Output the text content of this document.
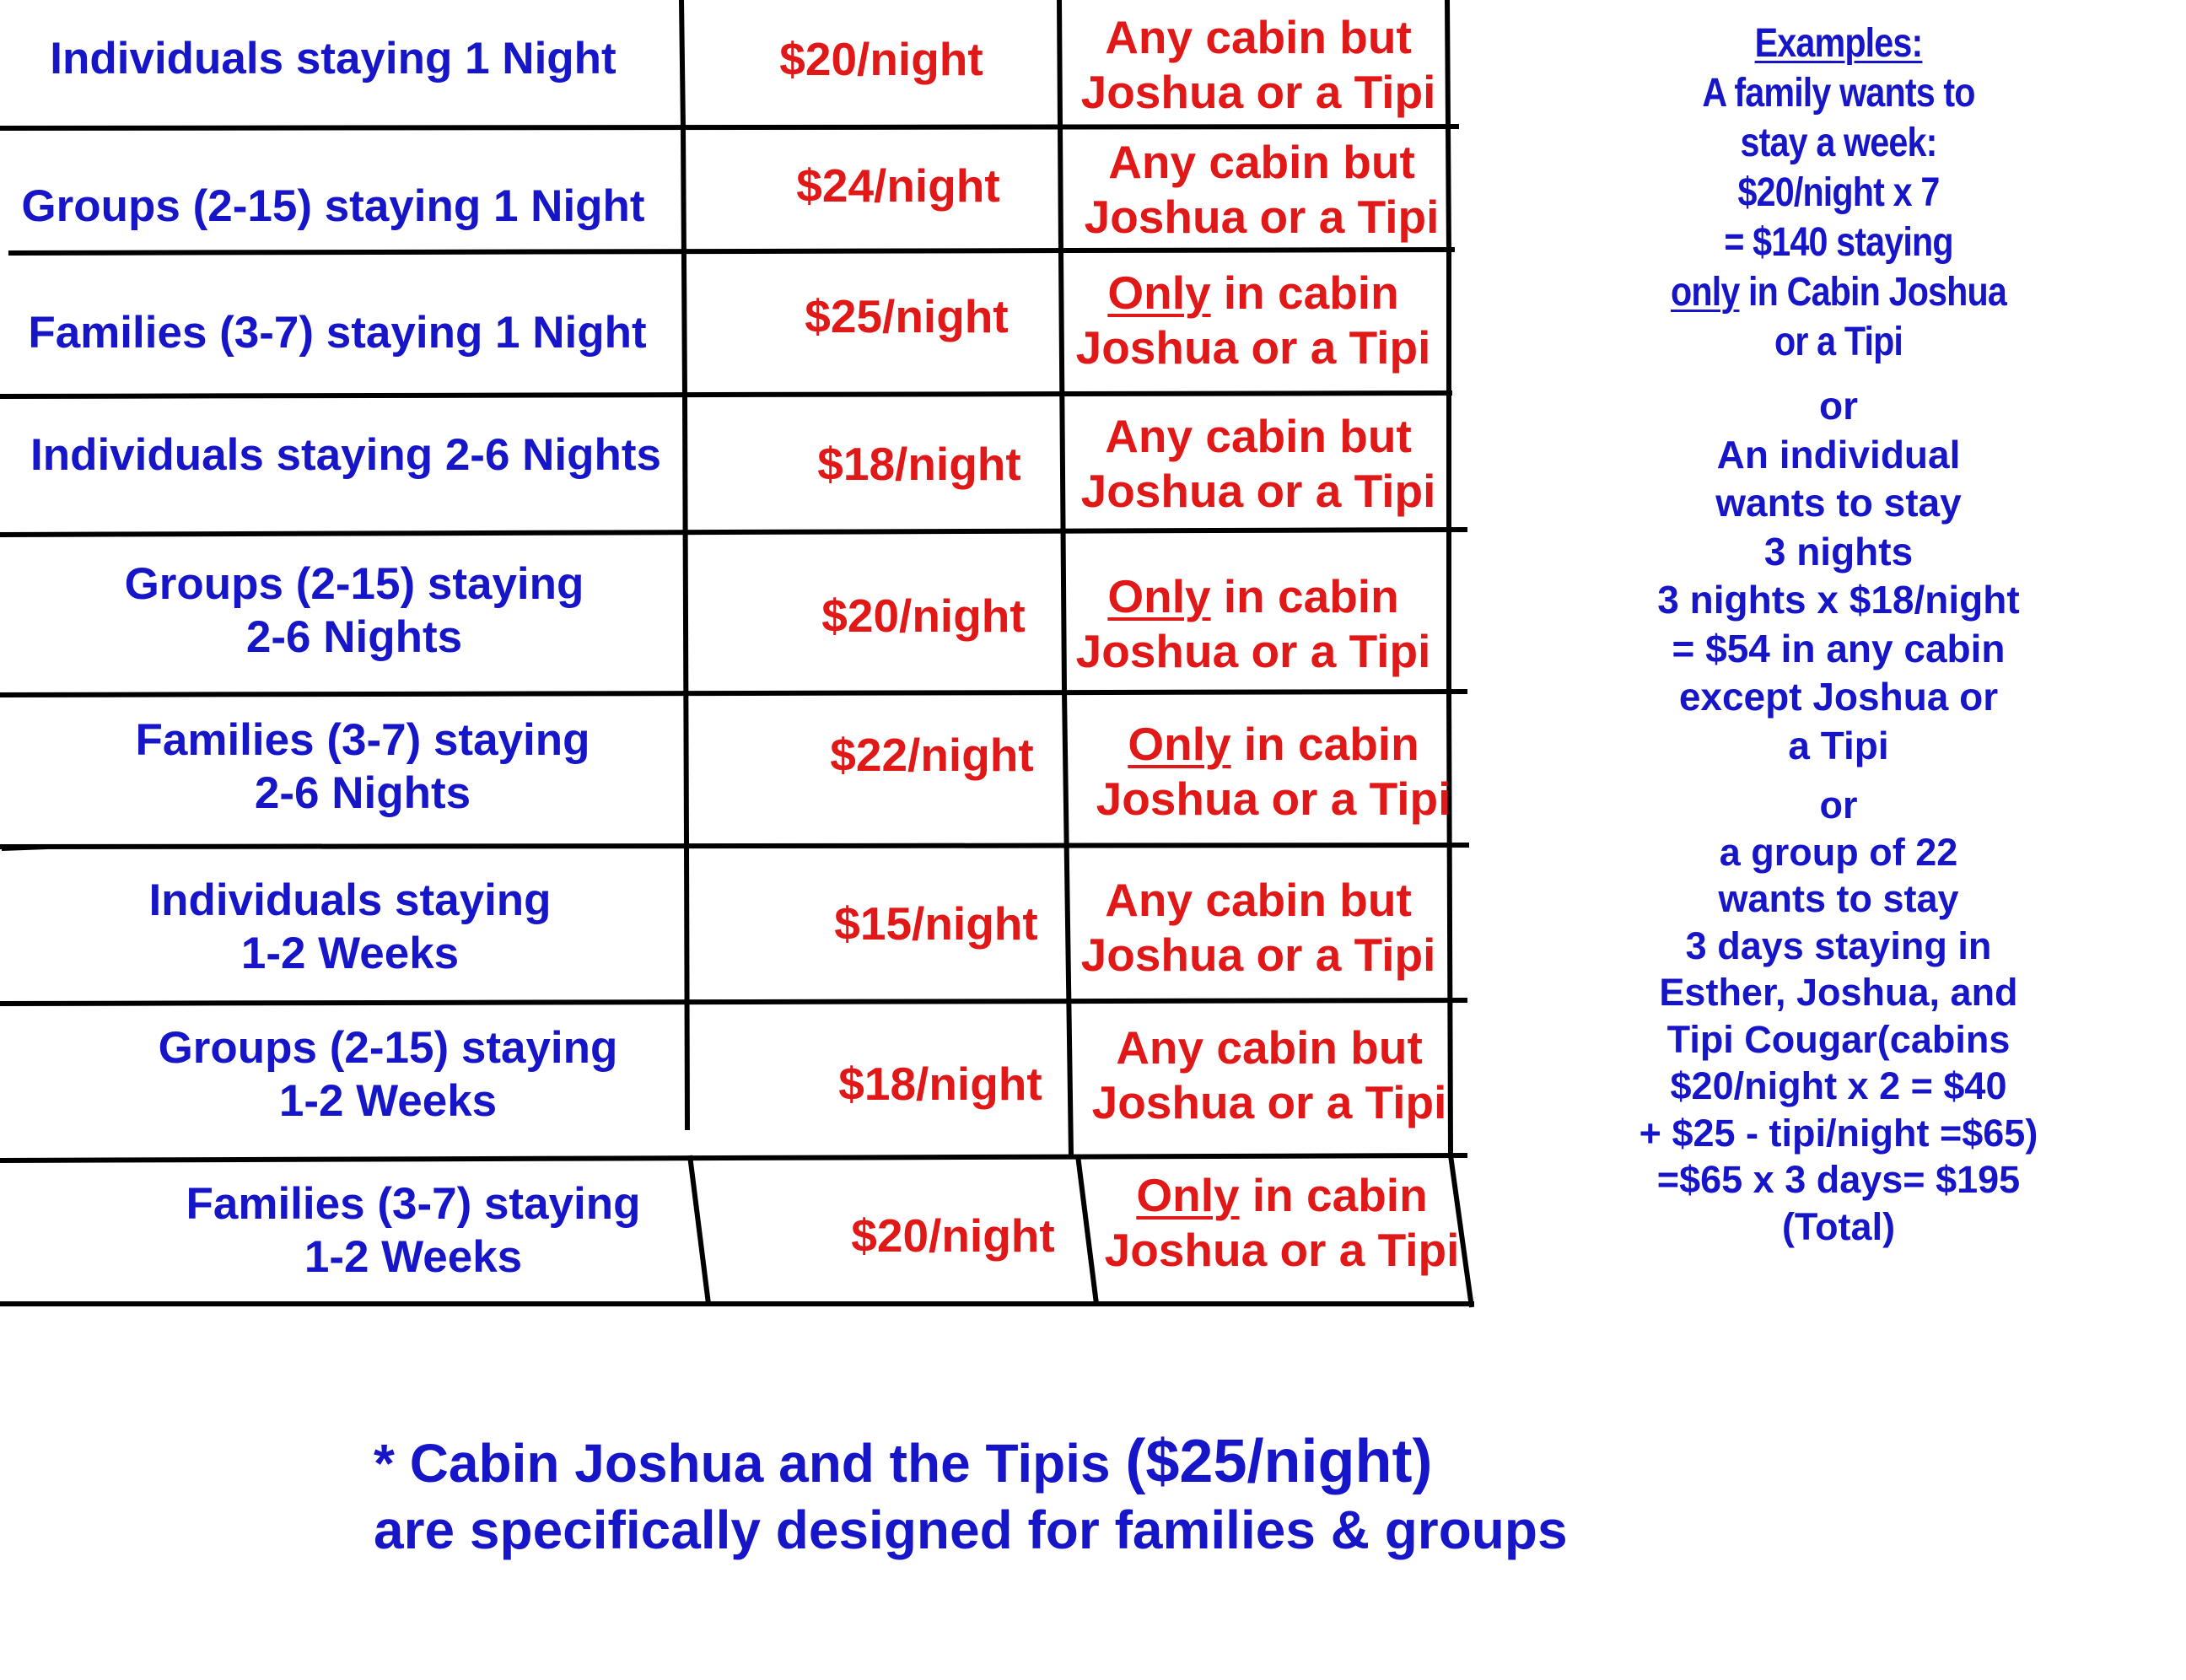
Individuals staying 1 Night	$20/night	Any cabin but
Joshua or a Tipi
Groups (2-15) staying 1 Night	$24/night Any cabin but
Joshua or a Tipi
Families (3-7) staying 1 Night	$25/night Only in cabin
Joshua or a Tipi
Individuals staying 2-6 Nights	$18/night
Any cabin but
Joshua or a Tipi
Groups (2-15) staying
2-6 Nights	$20/night Only in cabin
Joshua or a Tipi
Families (3-7) staying
2-6 Nights
$22/night Only in cabin
Joshua or a Tipi
Individuals staying
1-2 Weeks
$15/night Any cabin but
Joshua or a Tipi
Groups (2-15) staying
1-2 Weeks	$18/night
Any cabin but
Joshua or a Tipi
Families (3-7) staying
1-2 Weeks	$20/night
Only in cabin
Joshua or a Tipi
Examples:
A family wants to
stay a week:
$20/night x 7
= $140 staying
only in Cabin Joshua
or a Tipi
or
An individual
wants to stay
3 nights
3 nights x $18/night
= $54 in any cabin
except Joshua or
a Tipi
or
a group of 22
wants to stay
3 days staying in
Esther, Joshua, and
Tipi Cougar(cabins
$20/night x 2 = $40
+ $25 - tipi/night =$65)
=$65 x 3 days= $195
(Total)
* Cabin Joshua and the Tipis ($25/night)
are specifically designed for families & groups
